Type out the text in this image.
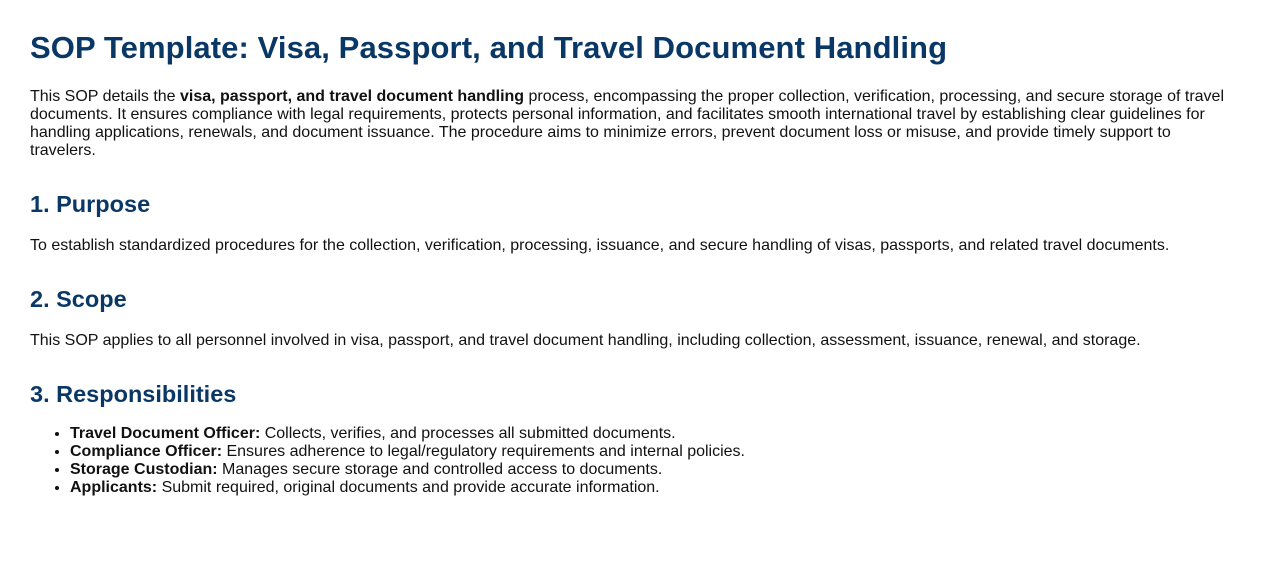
SOP Template: Visa, Passport, and Travel Document Handling

This SOP details the visa, passport, and travel document handling process, encompassing the proper collection, verification, processing, and secure storage of travel documents. It ensures compliance with legal requirements, protects personal information, and facilitates smooth international travel by establishing clear guidelines for handling applications, renewals, and document issuance. The procedure aims to minimize errors, prevent document loss or misuse, and provide timely support to travelers.

1. Purpose

To establish standardized procedures for the collection, verification, processing, issuance, and secure handling of visas, passports, and related travel documents.

2. Scope

This SOP applies to all personnel involved in visa, passport, and travel document handling, including collection, assessment, issuance, renewal, and storage.

3. Responsibilities
• Travel Document Officer: Collects, verifies, and processes all submitted documents.
• Compliance Officer: Ensures adherence to legal/regulatory requirements and internal policies.
• Storage Custodian: Manages secure storage and controlled access to documents.
• Applicants: Submit required, original documents and provide accurate information.
